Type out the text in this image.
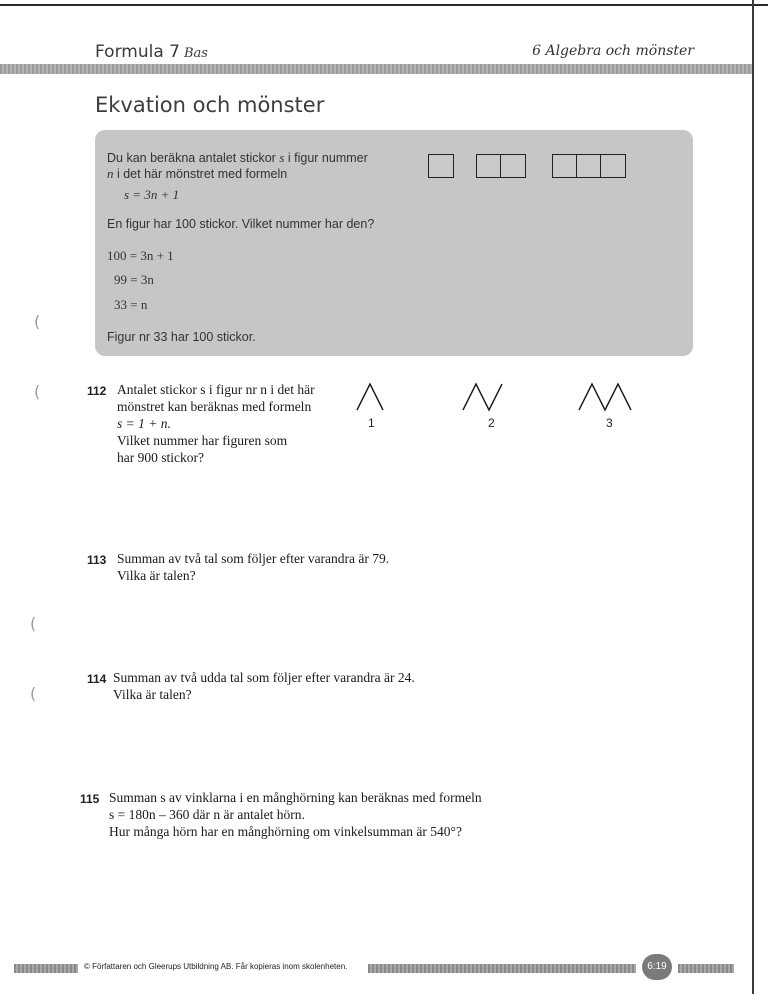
Formula 7 Bas	6 Algebra och mönster
Ekvation och mönster
(
(
(
(
Du kan beräkna antalet stickor s i figur nummer
n i det här mönstret med formeln
s = 3n + 1
En figur har 100 stickor. Vilket nummer har den?
100 = 3n + 1
99 = 3n
33 = n
Figur nr 33 har 100 stickor.
112 Antalet stickor s i figur nr n i det här
mönstret kan beräknas med formeln
s = 1 + n.
Vilket nummer har figuren som
har 900 stickor?
1	2	3
113 Summan av två tal som följer efter varandra är 79.
Vilka är talen?
114 Summan av två udda tal som följer efter varandra är 24.
Vilka är talen?
115 Summan s av vinklarna i en månghörning kan beräknas med formeln
s = 180n – 360 där n är antalet hörn.
Hur många hörn har en månghörning om vinkelsumman är 540°?
© Författaren och Gleerups Utbildning AB. Får kopieras inom skolenheten.	6:19
